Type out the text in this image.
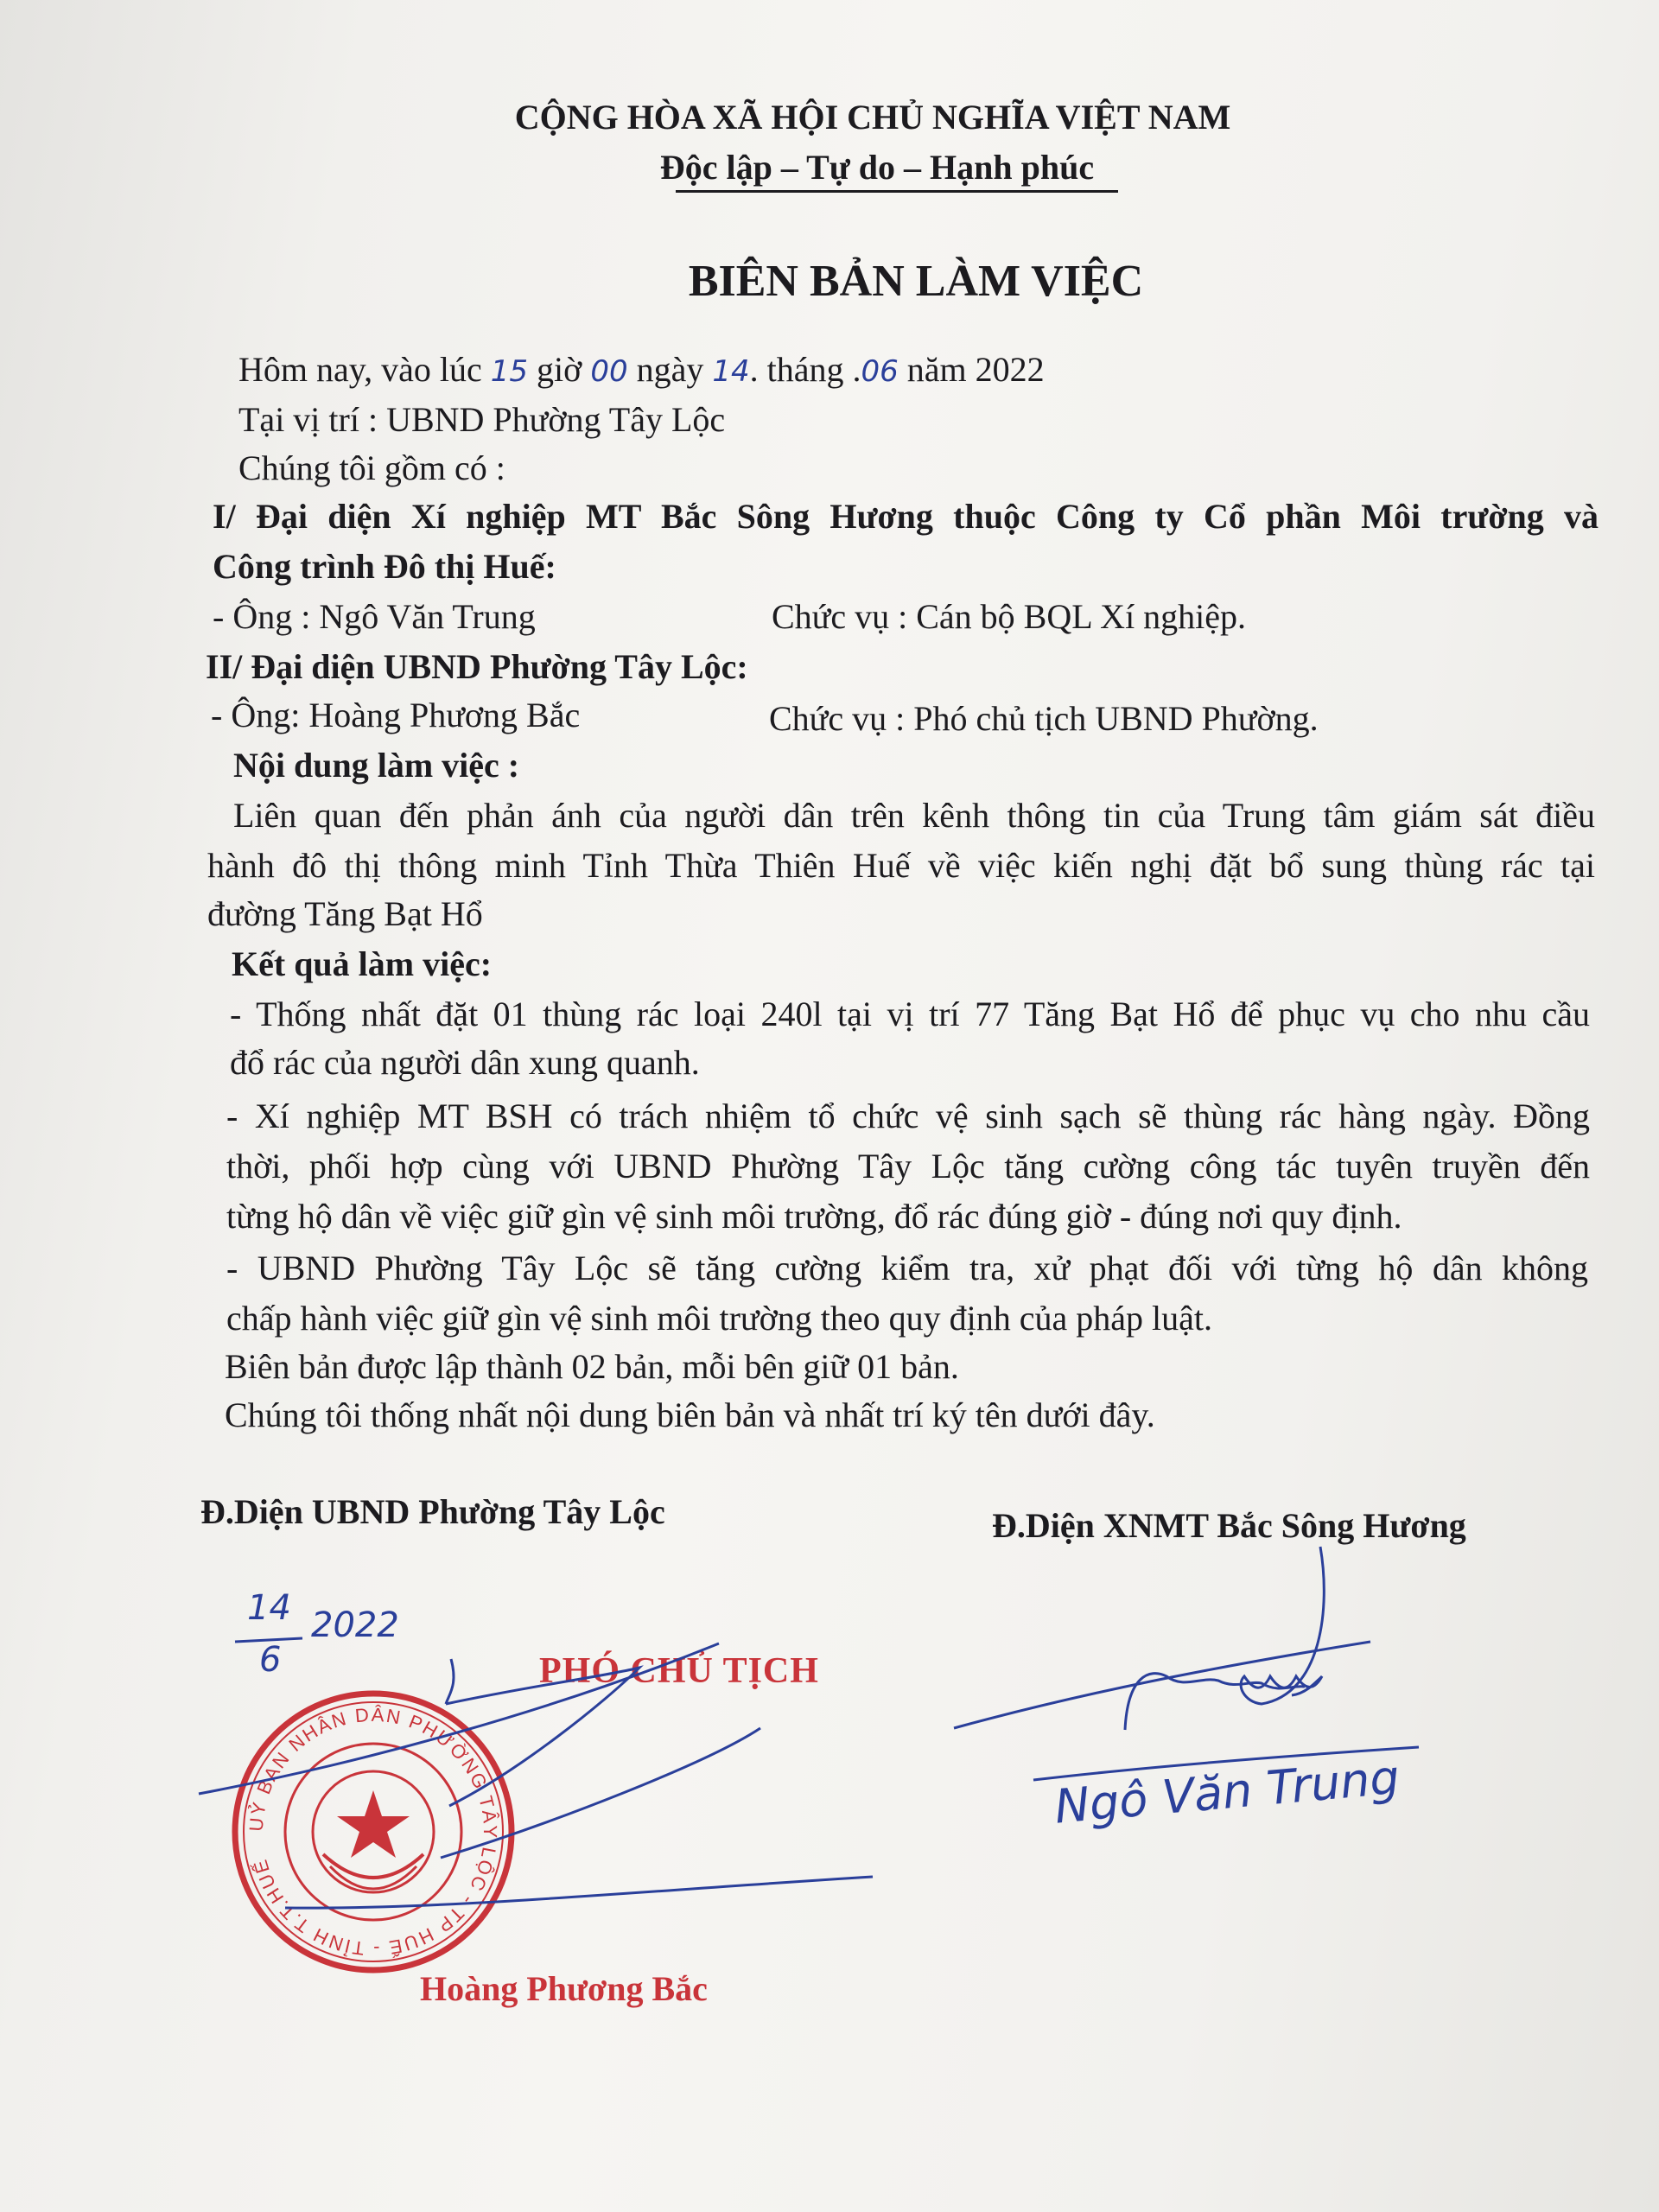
CỘNG HÒA XÃ HỘI CHỦ NGHĨA VIỆT NAM
Độc lập – Tự do – Hạnh phúc
BIÊN BẢN LÀM VIỆC
Hôm nay, vào lúc 15 giờ 00 ngày 14. tháng .06 năm 2022
Tại vị trí : UBND Phường Tây Lộc
Chúng tôi gồm có :
I/ Đại diện Xí nghiệp MT Bắc Sông Hương thuộc Công ty Cổ phần Môi trường và
Công trình Đô thị Huế:
- Ông : Ngô Văn Trung	Chức vụ : Cán bộ BQL Xí nghiệp.
II/ Đại diện UBND Phường Tây Lộc:
- Ông: Hoàng Phương Bắc	Chức vụ : Phó chủ tịch UBND Phường.
Nội dung làm việc :
Liên quan đến phản ánh của người dân trên kênh thông tin của Trung tâm giám sát điều
hành đô thị thông minh Tỉnh Thừa Thiên Huế về việc kiến nghị đặt bổ sung thùng rác tại
đường Tăng Bạt Hổ
Kết quả làm việc:
- Thống nhất đặt 01 thùng rác loại 240l tại vị trí 77 Tăng Bạt Hổ để phục vụ cho nhu cầu
đổ rác của người dân xung quanh.
- Xí nghiệp MT BSH có trách nhiệm tổ chức vệ sinh sạch sẽ thùng rác hàng ngày. Đồng
thời, phối hợp cùng với UBND Phường Tây Lộc tăng cường công tác tuyên truyền đến
từng hộ dân về việc giữ gìn vệ sinh môi trường, đổ rác đúng giờ - đúng nơi quy định.
- UBND Phường Tây Lộc sẽ tăng cường kiểm tra, xử phạt đối với từng hộ dân không
chấp hành việc giữ gìn vệ sinh môi trường theo quy định của pháp luật.
Biên bản được lập thành 02 bản, mỗi bên giữ 01 bản.
Chúng tôi thống nhất nội dung biên bản và nhất trí ký tên dưới đây.
Đ.Diện UBND Phường Tây Lộc	Đ.Diện XNMT Bắc Sông Hương
14
6
2022
PHÓ CHỦ TỊCH
UỶ BAN NHÂN DÂN PHƯỜNG TÂY LỘC - TP HUẾ - TỈNH T.T.HUẾ
Hoàng Phương Bắc
Ngô Văn Trung
